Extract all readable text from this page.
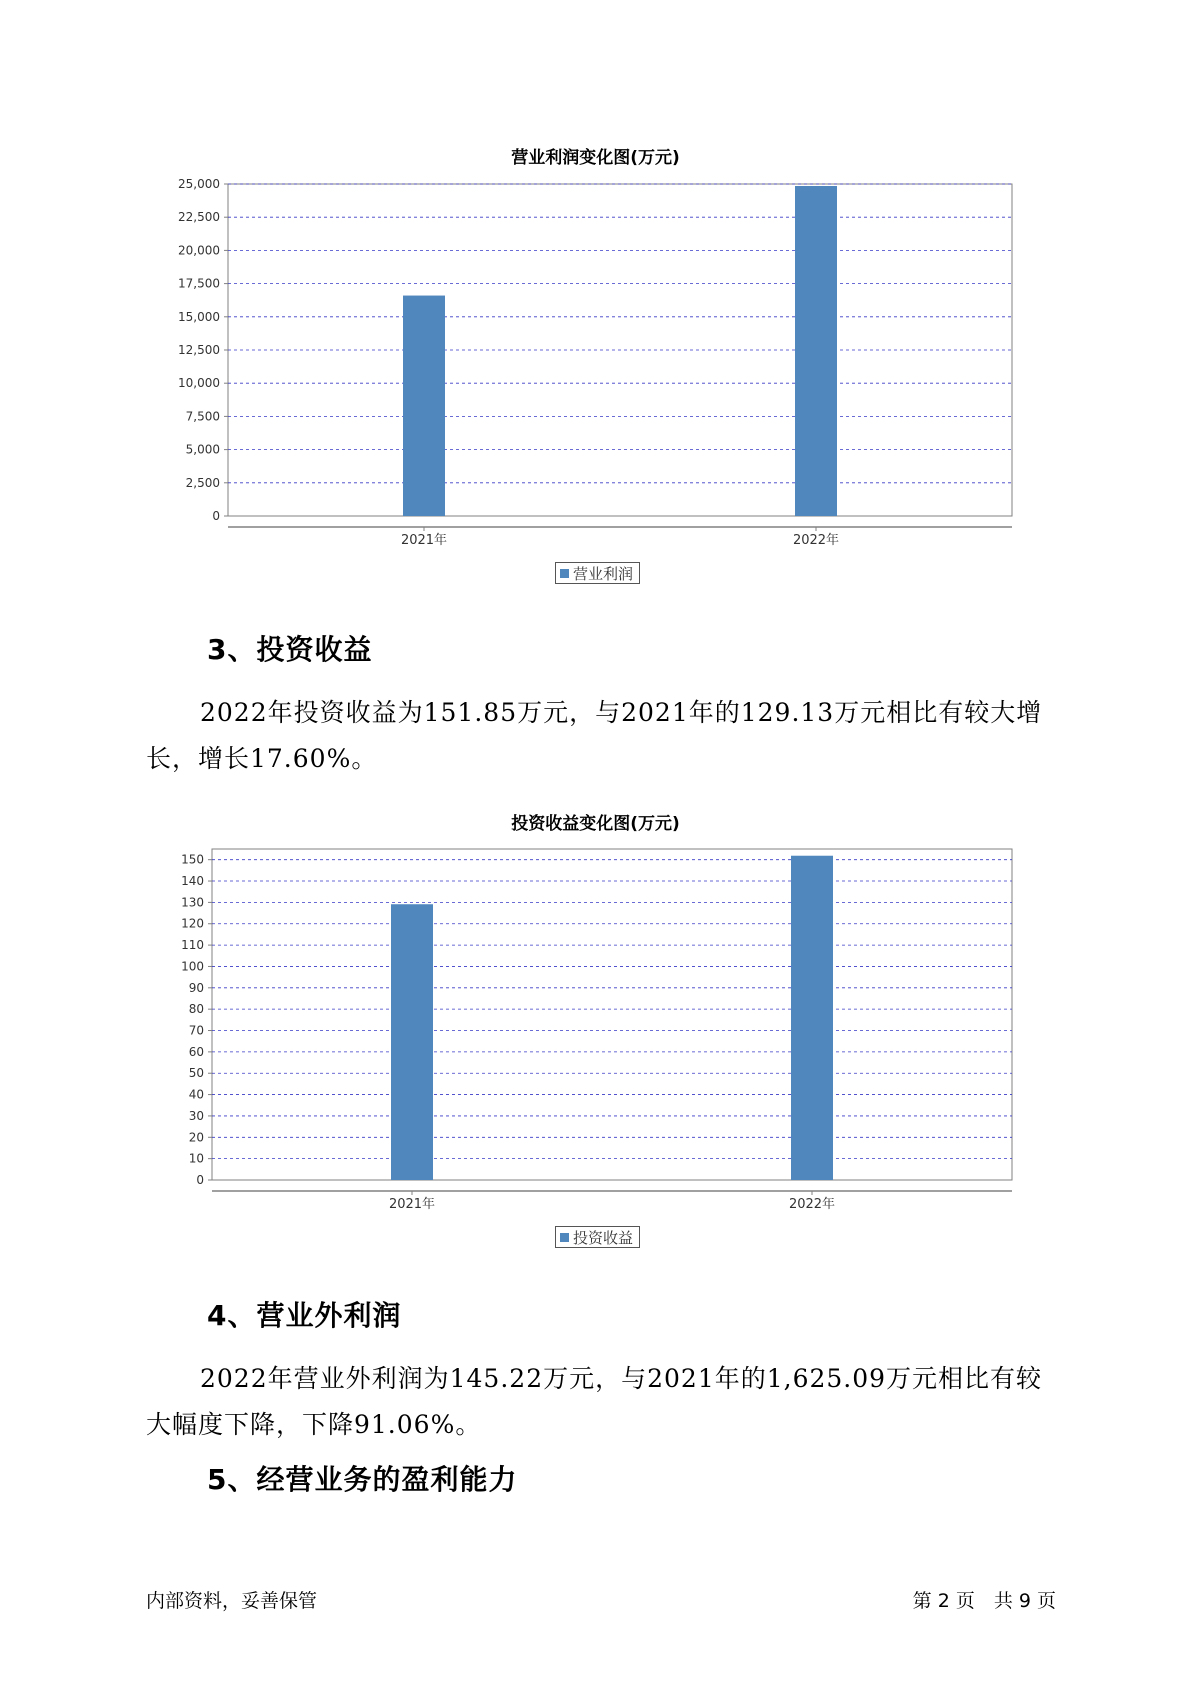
营业利润变化图(万元)
0
2,500
5,000
7,500
10,000
12,500
15,000
17,500
20,000
22,500
25,000
2021年	2022年
营业利润
3、投资收益

2022年投资收益为151.85万元，与2021年的129.13万元相比有较大增长，增长17.60%。

投资收益变化图(万元)
0
10
20
30
40
50
60
70
80
90
100
110
120
130
140
150
2021年	2022年
投资收益
4、营业外利润

2022年营业外利润为145.22万元，与2021年的1,625.09万元相比有较大幅度下降，下降91.06%。

5、经营业务的盈利能力
内部资料，妥善保管	第 2 页　共 9 页
